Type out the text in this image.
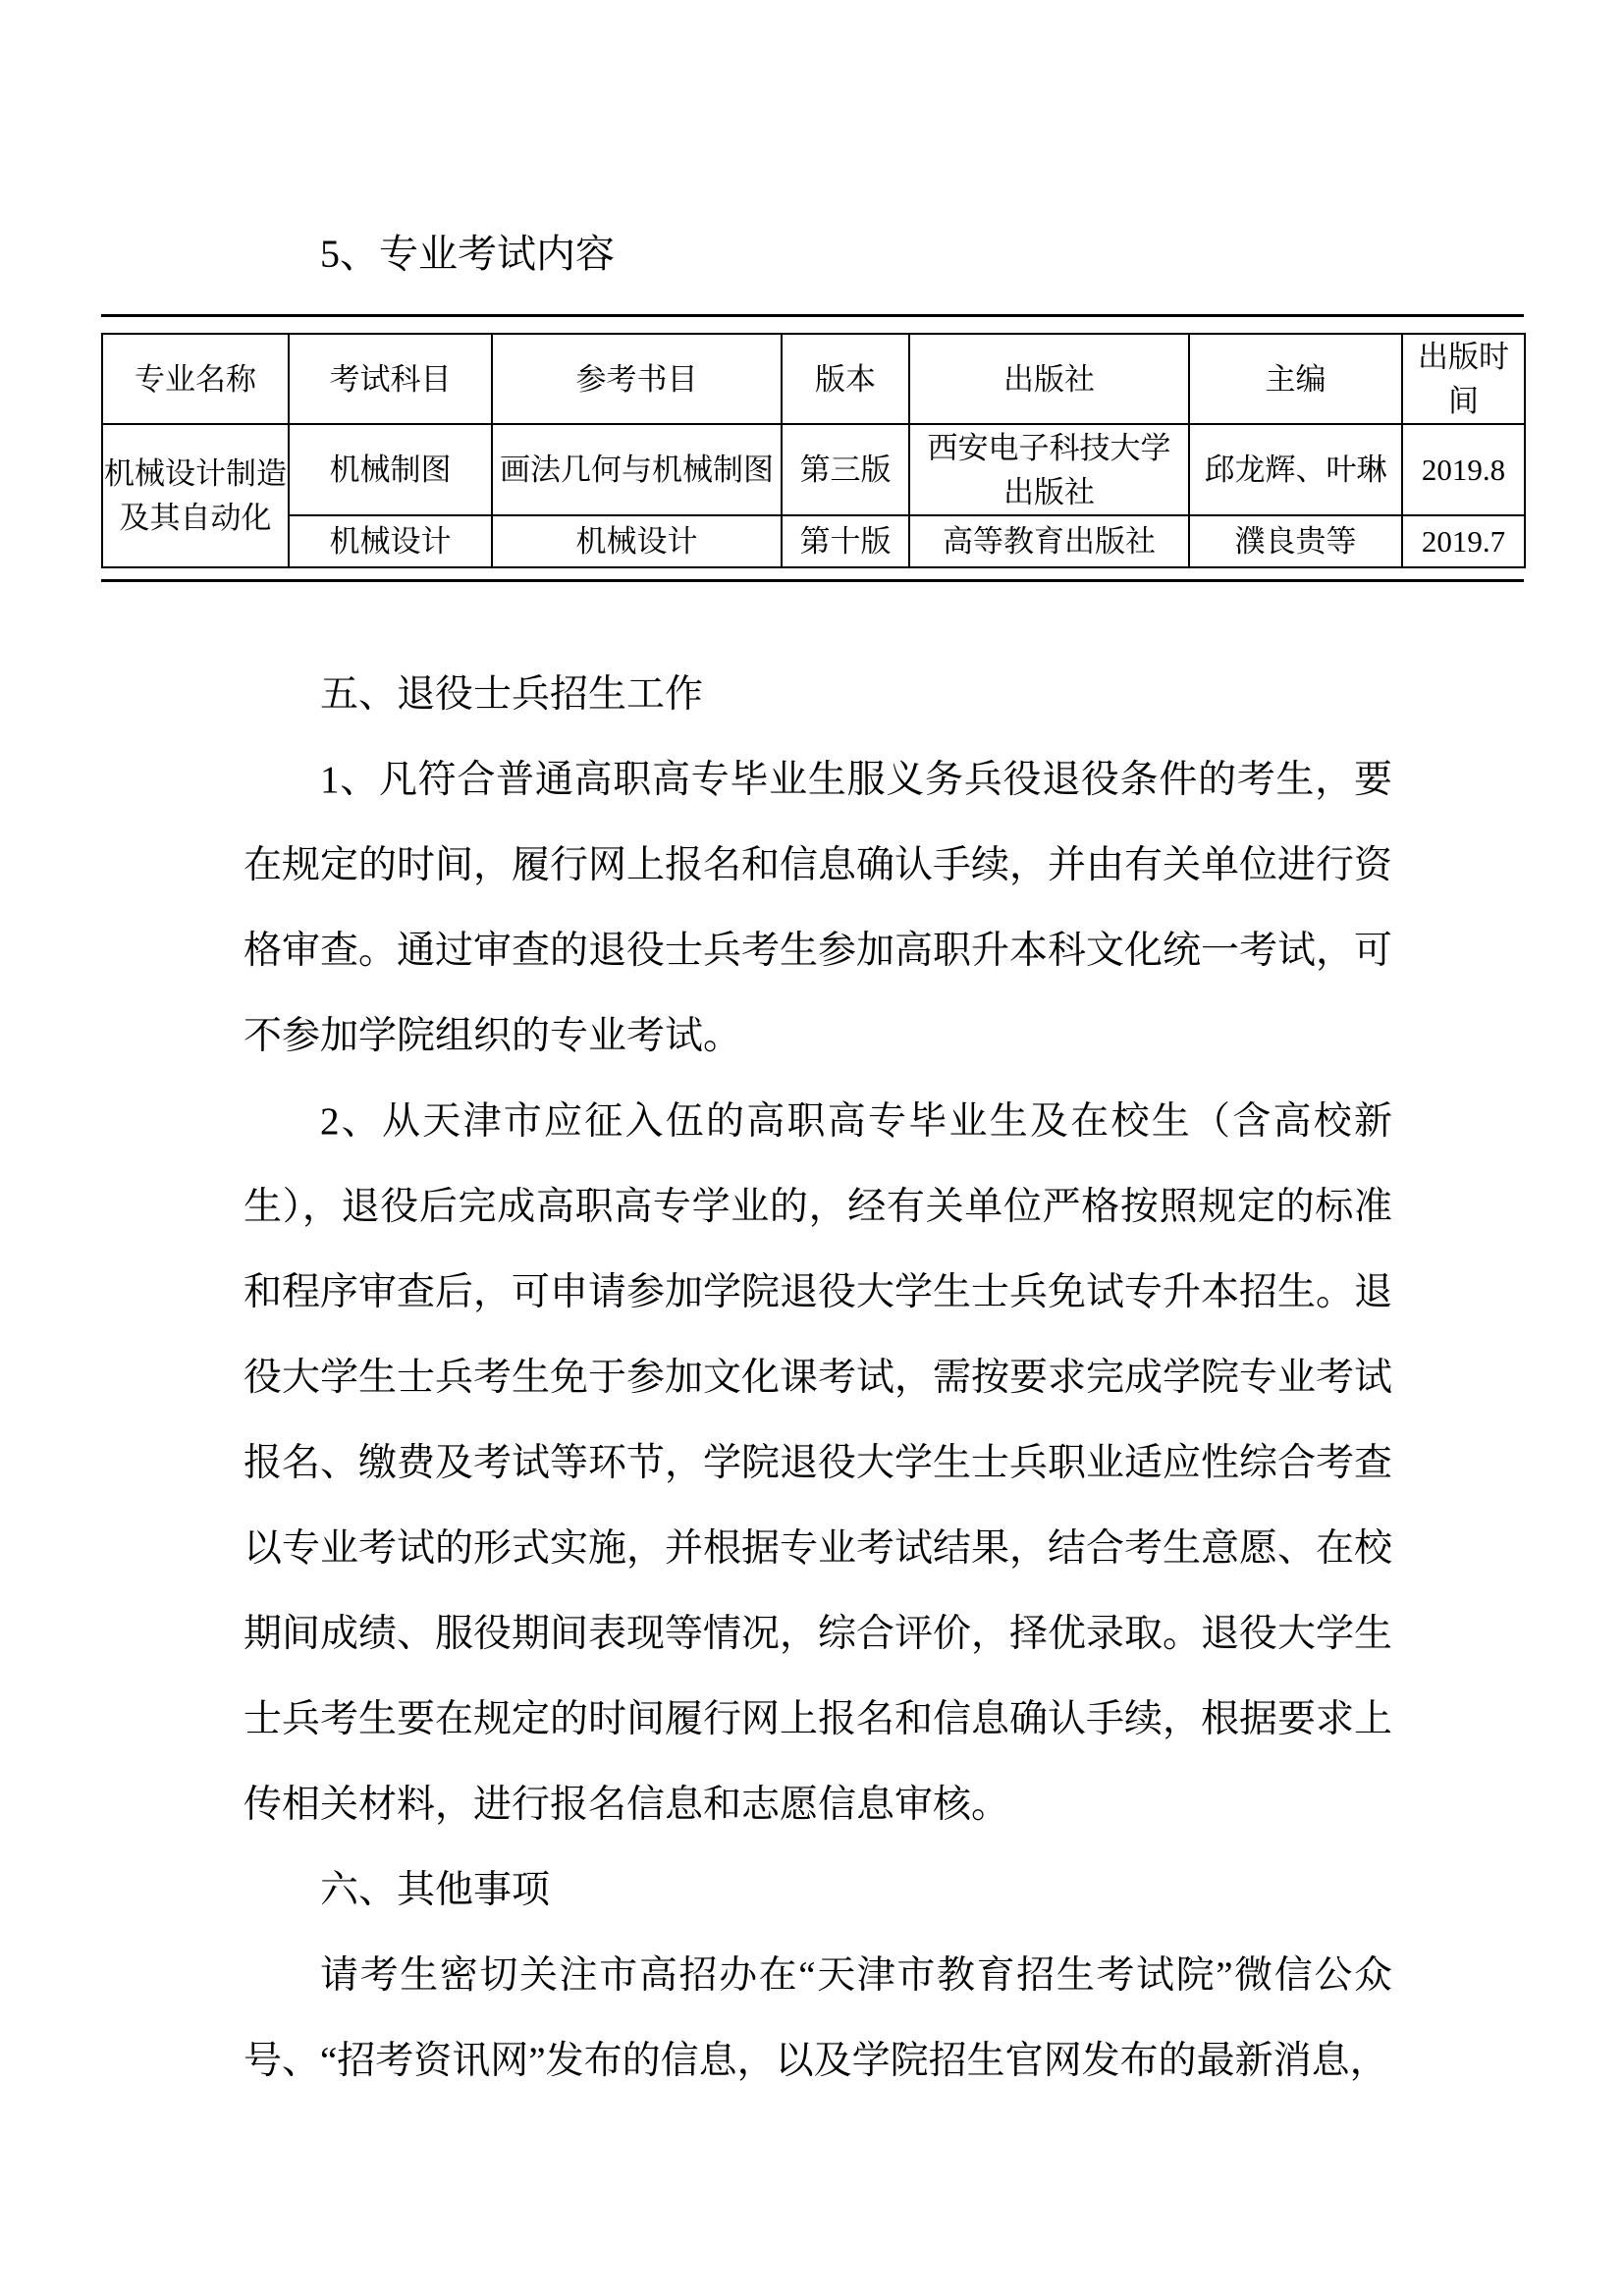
5、专业考试内容

专业名称	考试科目	参考书目	版本	出版社	主编	出版时间
机械设计制造及其自动化	机械制图	画法几何与机械制图	第三版	西安电子科技大学出版社	邱龙辉、叶琳	2019.8
	机械设计	机械设计	第十版	高等教育出版社	濮良贵等	2019.7

五、退役士兵招生工作

1、凡符合普通高职高专毕业生服义务兵役退役条件的考生，要在规定的时间，履行网上报名和信息确认手续，并由有关单位进行资格审查。通过审查的退役士兵考生参加高职升本科文化统一考试，可不参加学院组织的专业考试。

2、从天津市应征入伍的高职高专毕业生及在校生（含高校新生），退役后完成高职高专学业的，经有关单位严格按照规定的标准和程序审查后，可申请参加学院退役大学生士兵免试专升本招生。退役大学生士兵考生免于参加文化课考试，需按要求完成学院专业考试报名、缴费及考试等环节，学院退役大学生士兵职业适应性综合考查以专业考试的形式实施，并根据专业考试结果，结合考生意愿、在校期间成绩、服役期间表现等情况，综合评价，择优录取。退役大学生士兵考生要在规定的时间履行网上报名和信息确认手续，根据要求上传相关材料，进行报名信息和志愿信息审核。

六、其他事项

请考生密切关注市高招办在“天津市教育招生考试院”微信公众号、“招考资讯网”发布的信息，以及学院招生官网发布的最新消息，
